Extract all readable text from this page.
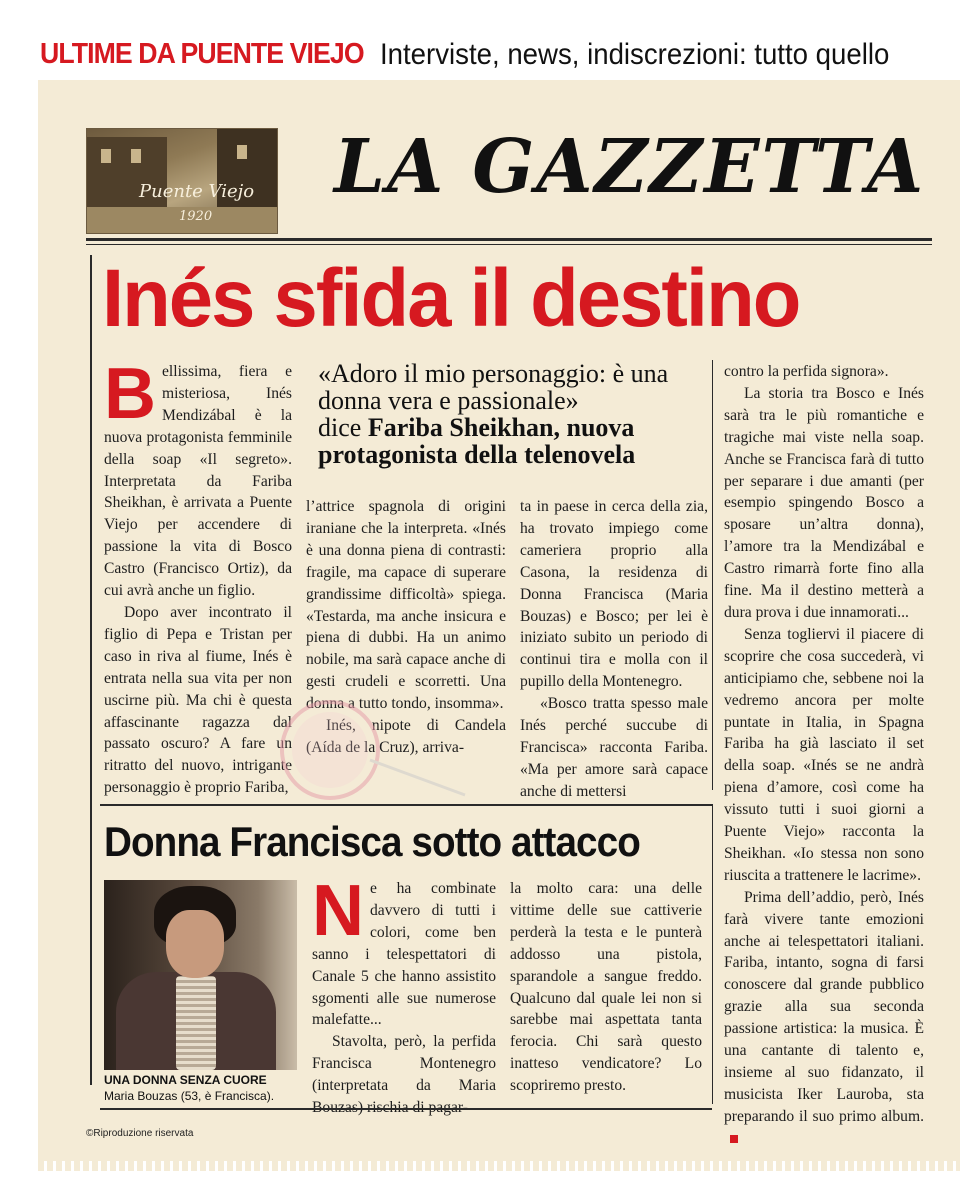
ULTIME DA PUENTE VIEJO Interviste, news, indiscrezioni: tutto quello
Puente Viejo
1920
LA GAZZETTA
Inés sfida il destino

Bellissima, fiera e misteriosa, Inés Mendizábal è la nuova protagonista femminile della soap «Il segreto». Interpretata da Fariba Sheikhan, è arrivata a Puente Viejo per accendere di passione la vita di Bosco Castro (Francisco Ortiz), da cui avrà anche un figlio.

Dopo aver incontrato il figlio di Pepa e Tristan per caso in riva al fiume, Inés è entrata nella sua vita per non uscirne più. Ma chi è questa affascinante ragazza dal passato oscuro? A fare un ritratto del nuovo, intrigante personaggio è proprio Fariba,

«Adoro il mio personaggio: è una donna vera e passionale»
dice Fariba Sheikhan, nuova protagonista della telenovela

l’attrice spagnola di origini iraniane che la interpreta. «Inés è una donna piena di contrasti: fragile, ma capace di superare grandissime difficoltà» spiega. «Testarda, ma anche insicura e piena di dubbi. Ha un animo nobile, ma sarà capace anche di gesti crudeli e scorretti. Una donna a tutto tondo, insomma».

Inés, nipote di Candela (Aída de la Cruz), arriva-

ta in paese in cerca della zia, ha trovato impiego come cameriera proprio alla Casona, la residenza di Donna Francisca (Maria Bouzas) e Bosco; per lei è iniziato subito un periodo di continui tira e molla con il pupillo della Montenegro.

«Bosco tratta spesso male Inés perché succube di Francisca» racconta Fariba. «Ma per amore sarà capace anche di mettersi

contro la perfida signora».

La storia tra Bosco e Inés sarà tra le più romantiche e tragiche mai viste nella soap. Anche se Francisca farà di tutto per separare i due amanti (per esempio spingendo Bosco a sposare un’altra donna), l’amore tra la Mendizábal e Castro rimarrà forte fino alla fine. Ma il destino metterà a dura prova i due innamorati...

Senza togliervi il piacere di scoprire che cosa succederà, vi anticipiamo che, sebbene noi la vedremo ancora per molte puntate in Italia, in Spagna Fariba ha già lasciato il set della soap. «Inés se ne andrà piena d’amore, così come ha vissuto tutti i suoi giorni a Puente Viejo» racconta la Sheikhan. «Io stessa non sono riuscita a trattenere le lacrime».

Prima dell’addio, però, Inés farà vivere tante emozioni anche ai telespettatori italiani. Fariba, intanto, sogna di farsi conoscere dal grande pubblico grazie alla sua seconda passione artistica: la musica. È una cantante di talento e, insieme al suo fidanzato, il musicista Iker Lauroba, sta preparando il suo primo album.

Donna Francisca sotto attacco
UNA DONNA SENZA CUORE
Maria Bouzas (53, è Francisca).

Ne ha combinate davvero di tutti i colori, come ben sanno i telespettatori di Canale 5 che hanno assistito sgomenti alle sue numerose malefatte...

Stavolta, però, la perfida Francisca Montenegro (interpretata da Maria

la molto cara: una delle vittime delle sue cattiverie perderà la testa e le punterà addosso una pistola, sparandole a sangue freddo. Qualcuno dal quale lei non si sarebbe mai aspettata tanta ferocia. Chi sarà questo inatteso vendicatore? Lo scopriremo presto.

©Riproduzione riservata
